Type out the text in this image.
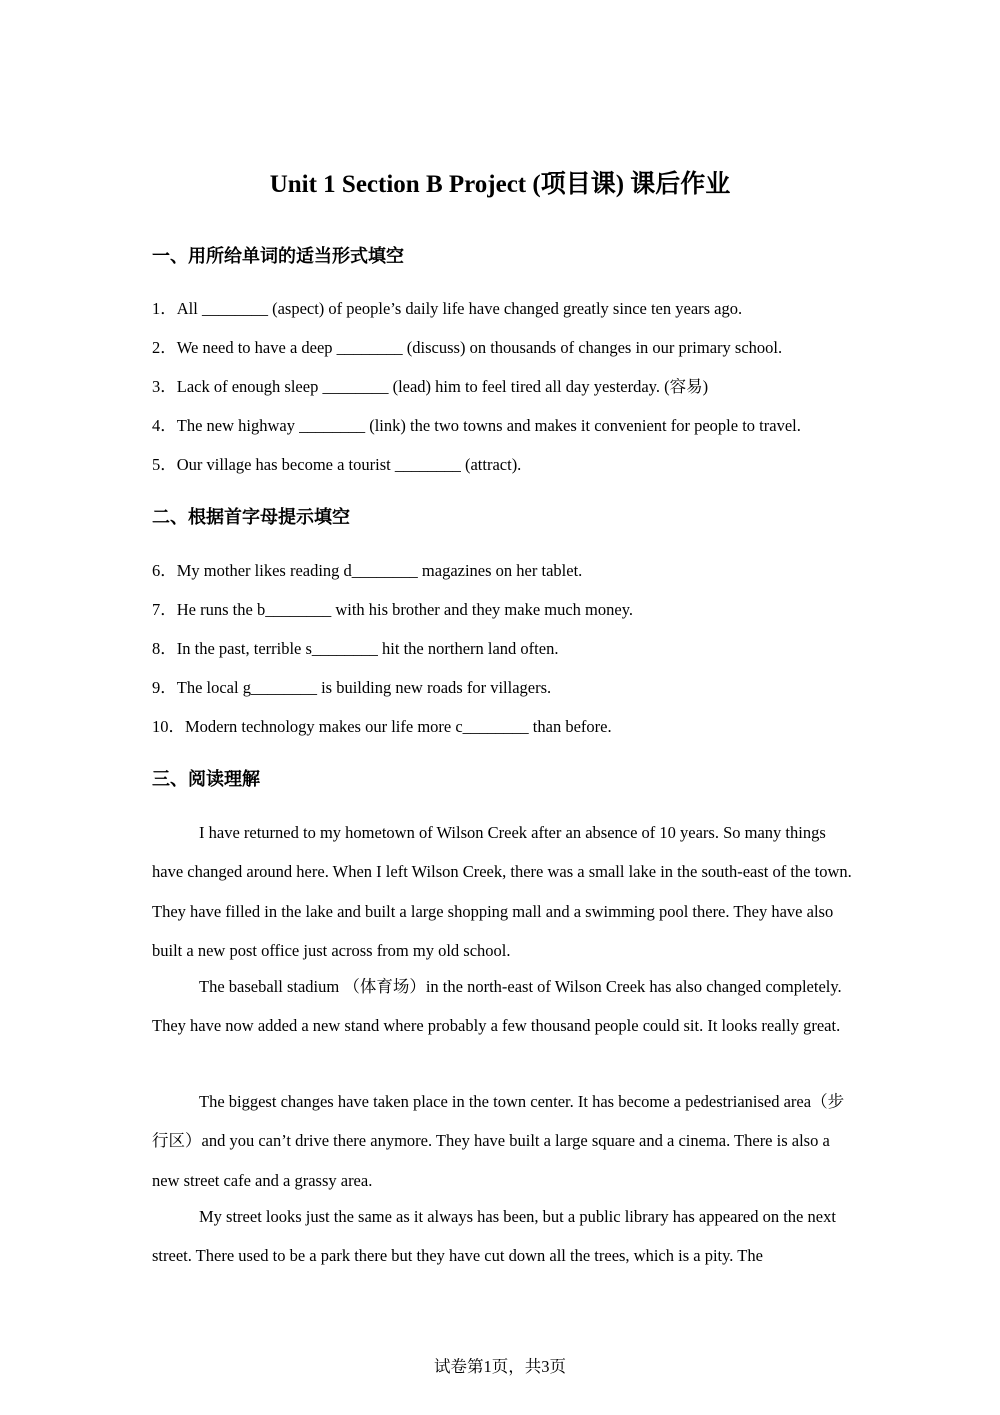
Unit 1 Section B Project (项目课) 课后作业
一、用所给单词的适当形式填空
1．All ________ (aspect) of people’s daily life have changed greatly since ten years ago.
2．We need to have a deep ________ (discuss) on thousands of changes in our primary school.
3．Lack of enough sleep ________ (lead) him to feel tired all day yesterday. (容易)
4．The new highway ________ (link) the two towns and makes it convenient for people to travel.
5．Our village has become a tourist ________ (attract).
二、根据首字母提示填空
6．My mother likes reading d________ magazines on her tablet.
7．He runs the b________ with his brother and they make much money.
8．In the past, terrible s________ hit the northern land often.
9．The local g________ is building new roads for villagers.
10．Modern technology makes our life more c________ than before.
三、阅读理解

I have returned to my hometown of Wilson Creek after an absence of 10 years. So many things have changed around here. When I left Wilson Creek, there was a small lake in the south-east of the town. They have filled in the lake and built a large shopping mall and a swimming pool there. They have also built a new post office just across from my old school.

The baseball stadium （体育场）in the north-east of Wilson Creek has also changed completely. They have now added a new stand where probably a few thousand people could sit. It looks really great.

The biggest changes have taken place in the town center. It has become a pedestrianised area（步行区）and you can’t drive there anymore. They have built a large square and a cinema. There is also a new street cafe and a grassy area.

My street looks just the same as it always has been, but a public library has appeared on the next street. There used to be a park there but they have cut down all the trees, which is a pity. The

试卷第1页，共3页
